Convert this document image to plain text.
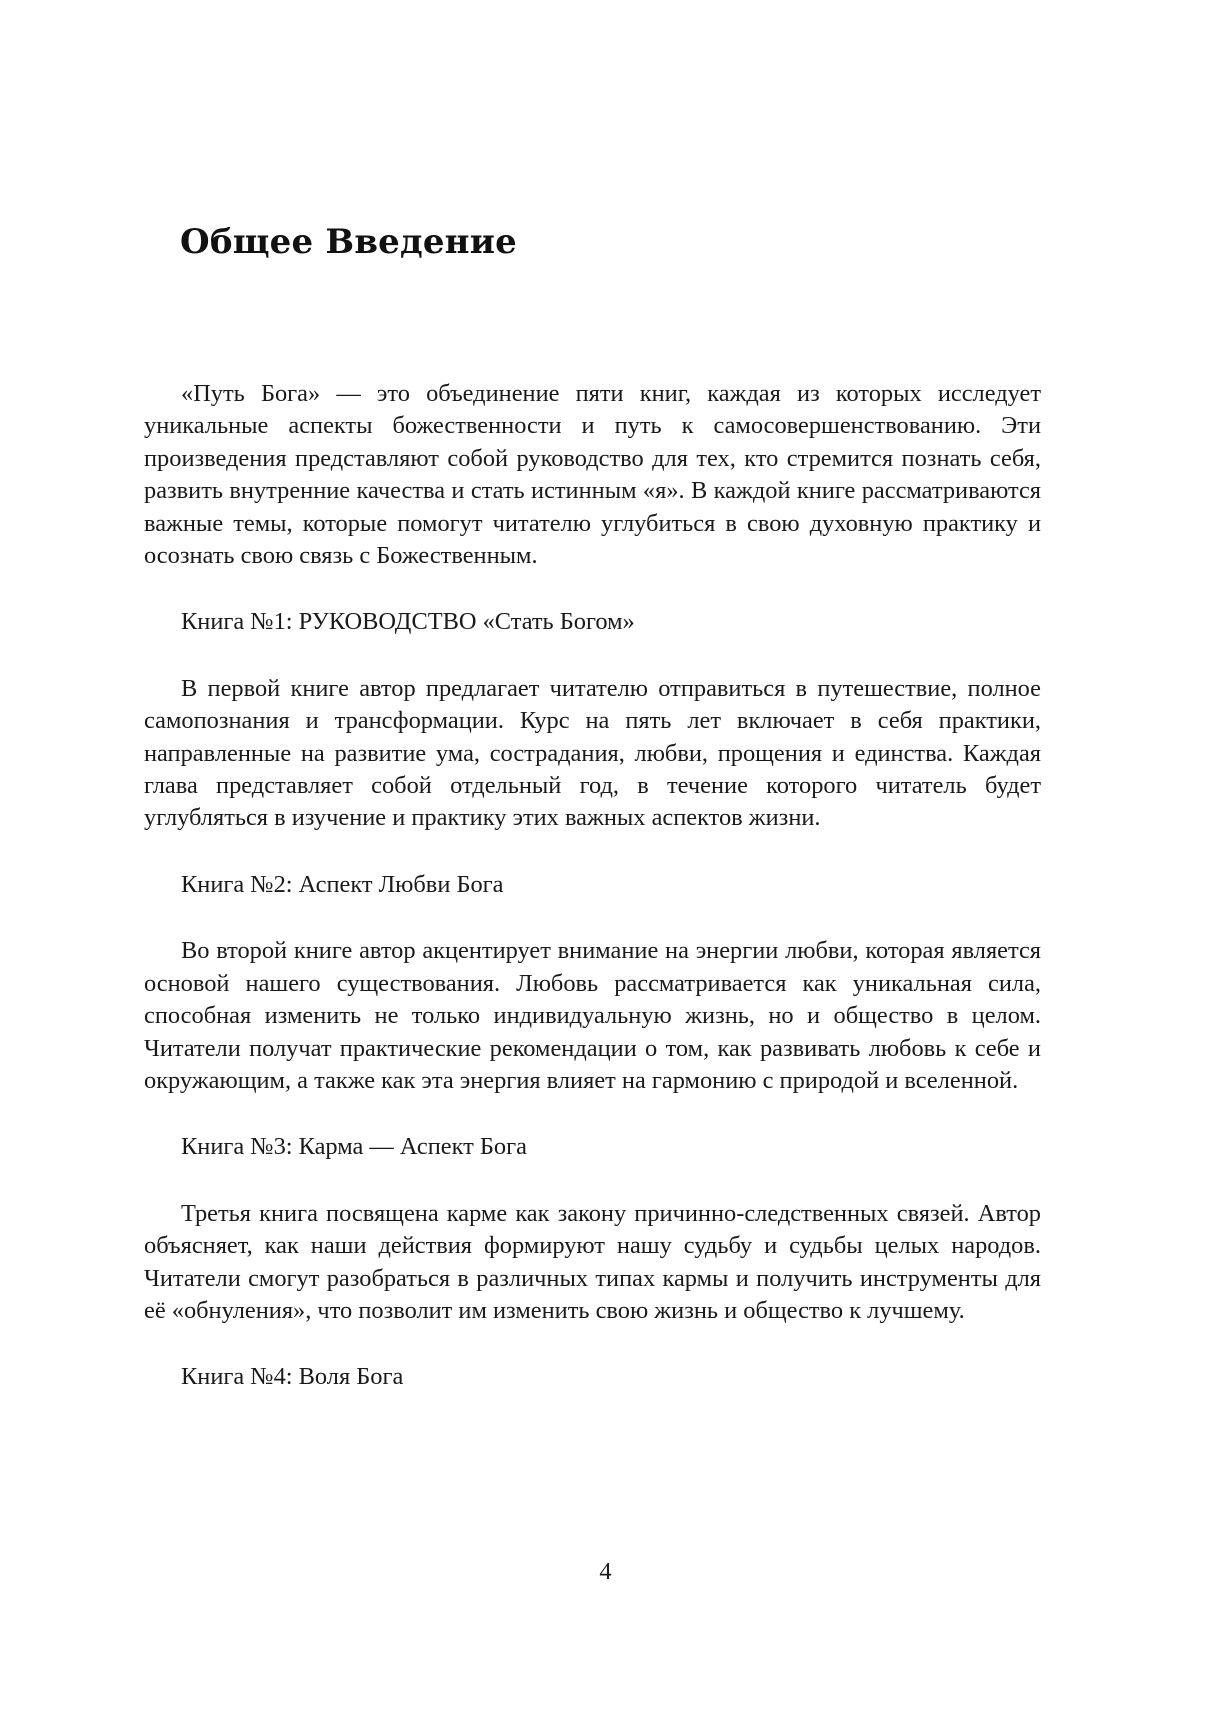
Общее Введение

«Путь Бога» — это объединение пяти книг, каждая из которых исследует уникальные аспекты божественности и путь к самосовершенствованию. Эти произведения представляют собой руководство для тех, кто стремится познать себя, развить внутренние качества и стать истинным «я». В каждой книге рассматриваются важные темы, которые помогут читателю углубиться в свою духовную практику и осознать свою связь с Божественным.

Книга №1: РУКОВОДСТВО «Стать Богом»

В первой книге автор предлагает читателю отправиться в путешествие, полное самопознания и трансформации. Курс на пять лет включает в себя практики, направленные на развитие ума, сострадания, любви, прощения и единства. Каждая глава представляет собой отдельный год, в течение которого читатель будет углубляться в изучение и практику этих важных аспектов жизни.

Книга №2: Аспект Любви Бога

Во второй книге автор акцентирует внимание на энергии любви, которая является основой нашего существования. Любовь рассматривается как уникальная сила, способная изменить не только индивидуальную жизнь, но и общество в целом. Читатели получат практические рекомендации о том, как развивать любовь к себе и окружающим, а также как эта энергия влияет на гармонию с природой и вселенной.

Книга №3: Карма — Аспект Бога

Третья книга посвящена карме как закону причинно-следственных связей. Автор объясняет, как наши действия формируют нашу судьбу и судьбы целых народов. Читатели смогут разобраться в различных типах кармы и получить инструменты для её «обнуления», что позволит им изменить свою жизнь и общество к лучшему.

Книга №4: Воля Бога

4
